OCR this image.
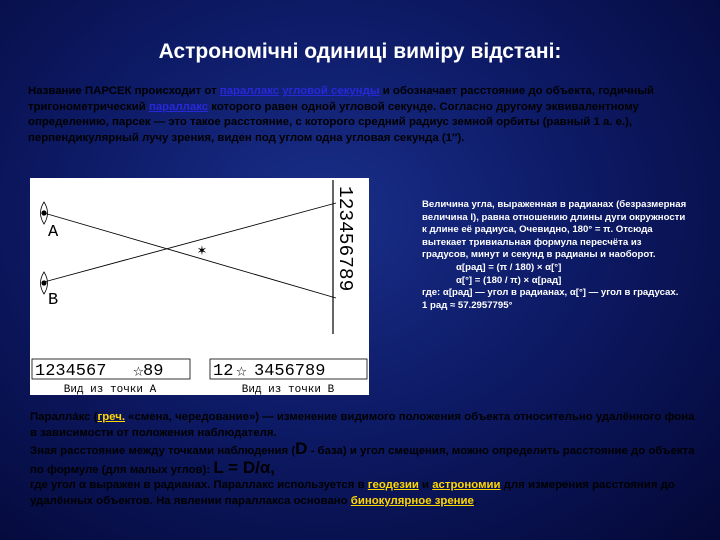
Астрономічні одиниці виміру відстані:
Название ПАРСЕК происходит от параллакс угловой секунды и обозначает расстояние до объекта, годичный тригонометрический параллакс которого равен одной угловой секунде. Согласно другому эквивалентному определению, парсек — это такое расстояние, с которого средний радиус земной орбиты (равный 1 а. е.), перпендикулярный лучу зрения, виден под углом одна угловая секунда (1″).
✶
A
B
123456789
1234567 89
☆
Вид из точки А
12 ☆ 3456789
Вид из точки В
Величина угла, выраженная в радианах (безразмерная величина l), равна отношению длины дуги окружности к длине её радиуса, Очевидно, 180° = π. Отсюда вытекает тривиальная формула пересчёта из градусов, минут и секунд в радианы и наоборот.
α[рад] = (π / 180) × α[°]
α[°] = (180 / π) × α[рад]
где: α[рад] — угол в радианах, α[°] — угол в градусах.
1 рад ≈ 57.2957795°
Паралла́кс (греч. «смена, чередование») — изменение видимого положения объекта относительно удалённого фона в зависимости от положения наблюдателя.
Зная расстояние между точками наблюдения (D - база) и угол смещения, можно определить расстояние до объекта по формуле (для малых углов): L = D/α,
где угол α выражен в радианах. Параллакс используется в геодезии и астрономии для измерения расстояния до удалённых объектов. На явлении параллакса основано бинокулярное зрение.
